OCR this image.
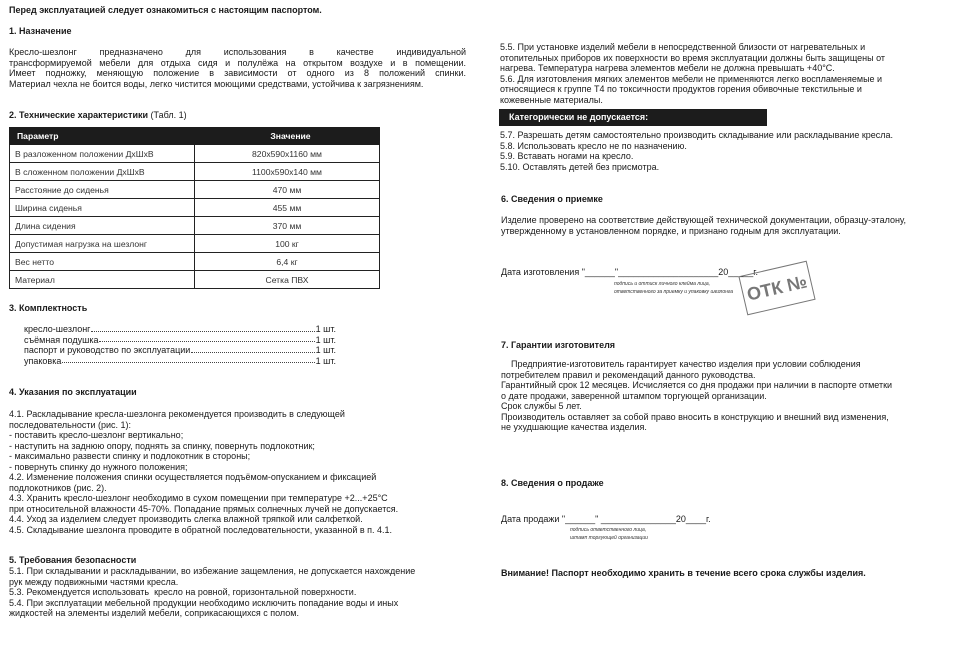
Перед эксплуатацией следует ознакомиться с настоящим паспортом.
1. Назначение
Кресло-шезлонг предназначено для использования в качестве индивидуальной
трансформируемой мебели для отдыха сидя и полулёжа на открытом воздухе и в помещении.
Имеет подножку, меняющую положение в зависимости от одного из 8 положений спинки.
Материал чехла не боится воды, легко чистится моющими средствами, устойчива к загрязнениям.
2. Технические характеристики (Табл. 1)
Параметр	Значение
В разложенном положении ДхШхВ	820x590x1160 мм
В сложенном положении ДхШхВ	1100x590x140 мм
Расстояние до сиденья	470 мм
Ширина сиденья	455 мм
Длина сидения	370 мм
Допустимая нагрузка на шезлонг	100 кг
Вес нетто	6,4 кг
Материал	Сетка ПВХ
3. Комплектность
кресло-шезлонг	1 шт.
съёмная подушка	1 шт.
паспорт и руководство по эксплуатации	1 шт.
упаковка	1 шт.
4. Указания по эксплуатации
4.1. Раскладывание кресла-шезлонга рекомендуется производить в следующей
последовательности (рис. 1):
- поставить кресло-шезлонг вертикально;
- наступить на заднюю опору, поднять за спинку, повернуть подлокотник;
- максимально развести спинку и подлокотник в стороны;
- повернуть спинку до нужного положения;
4.2. Изменение положения спинки осуществляется подъёмом-опусканием и фиксацией
подлокотников (рис. 2).
4.3. Хранить кресло-шезлонг необходимо в сухом помещении при температуре +2...+25°С
при относительной влажности 45-70%. Попадание прямых солнечных лучей не допускается.
4.4. Уход за изделием следует производить слегка влажной тряпкой или салфеткой.
4.5. Складывание шезлонга проводите в обратной последовательности, указанной в п. 4.1.
5. Требования безопасности
5.1. При складывании и раскладывании, во избежание защемления, не допускается нахождение
рук между подвижными частями кресла.
5.3. Рекомендуется использовать  кресло на ровной, горизонтальной поверхности.
5.4. При эксплуатации мебельной продукции необходимо исключить попадание воды и иных
жидкостей на элементы изделий мебели, соприкасающихся с полом.
5.5. При установке изделий мебели в непосредственной близости от нагревательных и
отопительных приборов их поверхности во время эксплуатации должны быть защищены от
нагрева. Температура нагрева элементов мебели не должна превышать +40°С.
5.6. Для изготовления мягких элементов мебели не применяются легко воспламеняемые и
относящиеся к группе Т4 по токсичности продуктов горения обивочные текстильные и
кожевенные материалы.
Категорически не допускается:
5.7. Разрешать детям самостоятельно производить складывание или раскладывание кресла.
5.8. Использовать кресло не по назначению.
5.9. Вставать ногами на кресло.
5.10. Оставлять детей без присмотра.
6. Сведения о приемке
Изделие проверено на соответствие действующей технической документации, образцу-эталону,
утвержденному в установленном порядке, и признано годным для эксплуатации.
Дата изготовления "______"____________________20_____г.
подпись и оттиск личного клейма лица,
ответственного за приемку и упаковку шезлонга ОТК №
7. Гарантии изготовителя
Предприятие-изготовитель гарантирует качество изделия при условии соблюдения
потребителем правил и рекомендаций данного руководства.
Гарантийный срок 12 месяцев. Исчисляется со дня продажи при наличии в паспорте отметки
о дате продажи, заверенной штампом торгующей организации.
Срок службы 5 лет.
Производитель оставляет за собой право вносить в конструкцию и внешний вид изменения,
не ухудшающие качества изделия.
8. Сведения о продаже
Дата продажи "______" _______________20____г.
подпись ответственного лица,
штамп торгующей организации
Внимание! Паспорт необходимо хранить в течение всего срока службы изделия.
